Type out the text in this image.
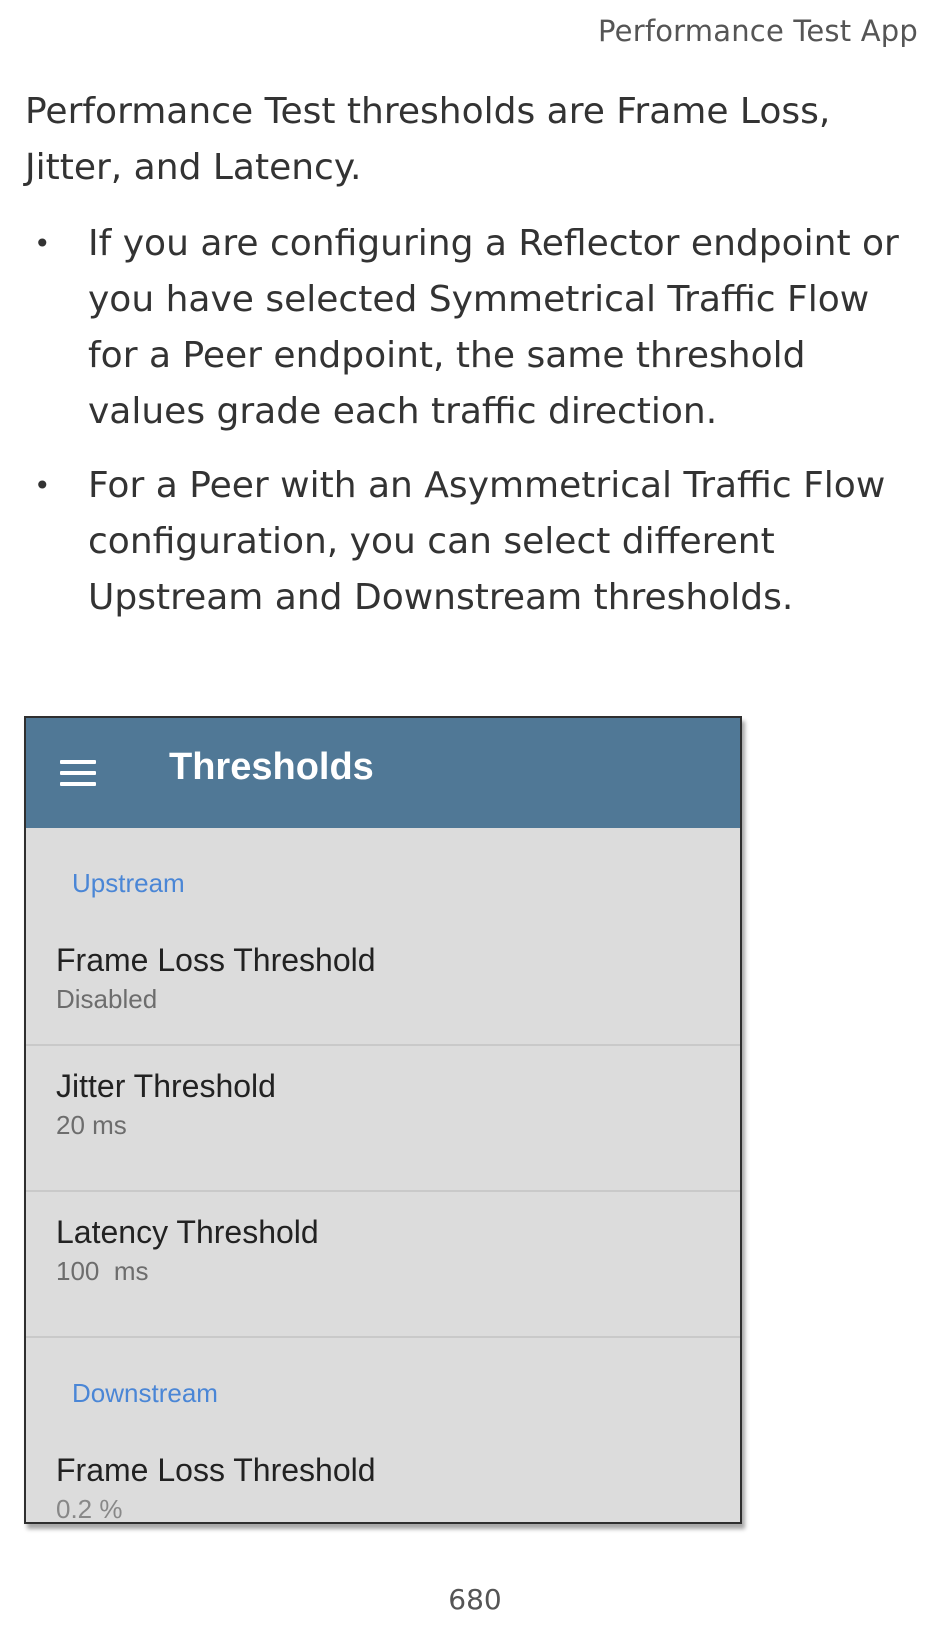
Performance Test App

Performance Test thresholds are Frame Loss, Jitter, and Latency.

• If you are configuring a Reflector endpoint or you have selected Symmetrical Traffic Flow for a Peer endpoint, the same threshold values grade each traffic direction.
• For a Peer with an Asymmetrical Traffic Flow configuration, you can select different Upstream and Downstream thresholds.
Thresholds
Upstream
Frame Loss Threshold
Disabled
Jitter Threshold
20 ms
Latency Threshold
100  ms
Downstream
Frame Loss Threshold
0.2 %
680
